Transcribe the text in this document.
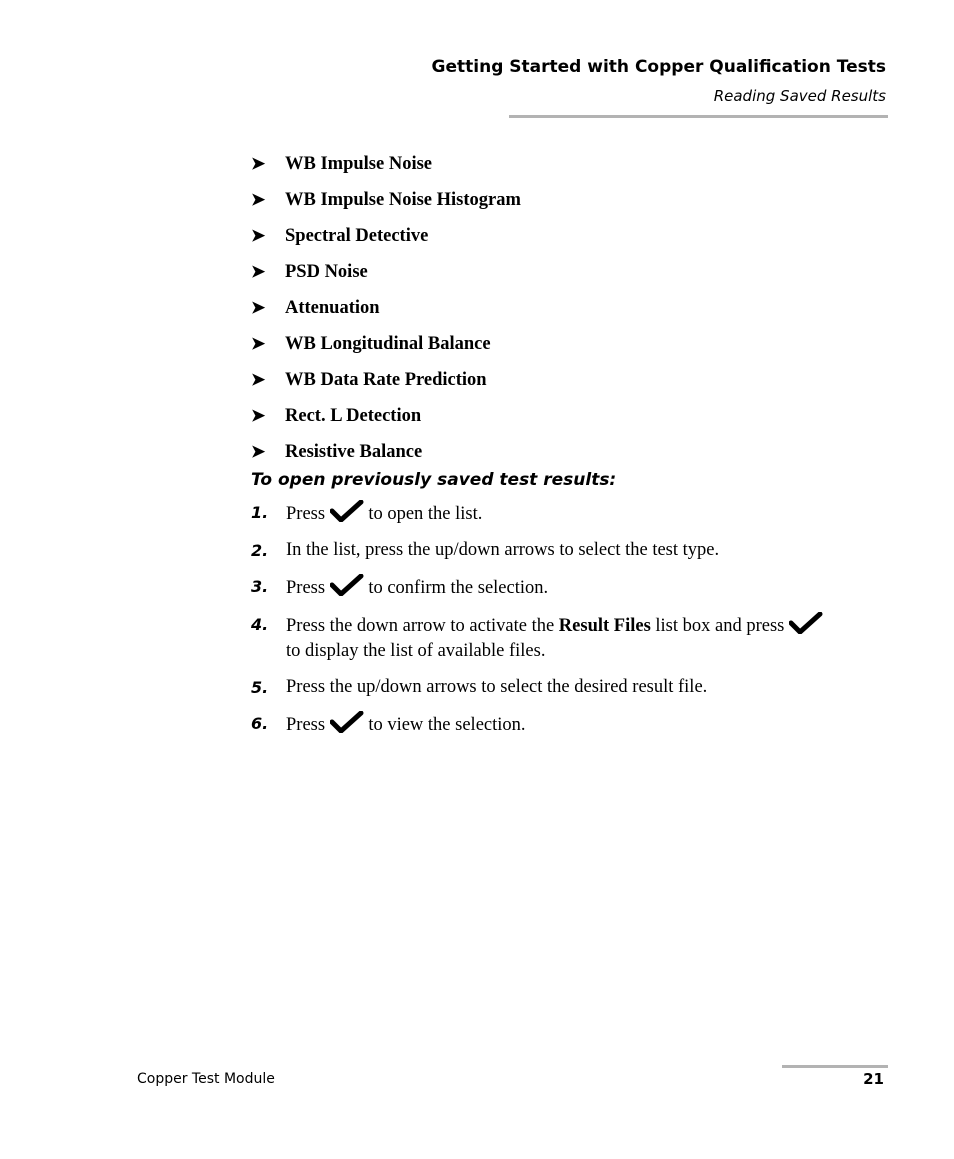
Getting Started with Copper Qualification Tests
Reading Saved Results
➤	WB Impulse Noise
➤	WB Impulse Noise Histogram
➤	Spectral Detective
➤	PSD Noise
➤	Attenuation
➤	WB Longitudinal Balance
➤	WB Data Rate Prediction
➤	Rect. L Detection
➤	Resistive Balance
To open previously saved test results:
1. Press to open the list.
2. In the list, press the up/down arrows to select the test type.
3. Press to confirm the selection.
4. Press the down arrow to activate the Result Files list box and press
to display the list of available files.
5. Press the up/down arrows to select the desired result file.
6. Press to view the selection.
Copper Test Module	21
